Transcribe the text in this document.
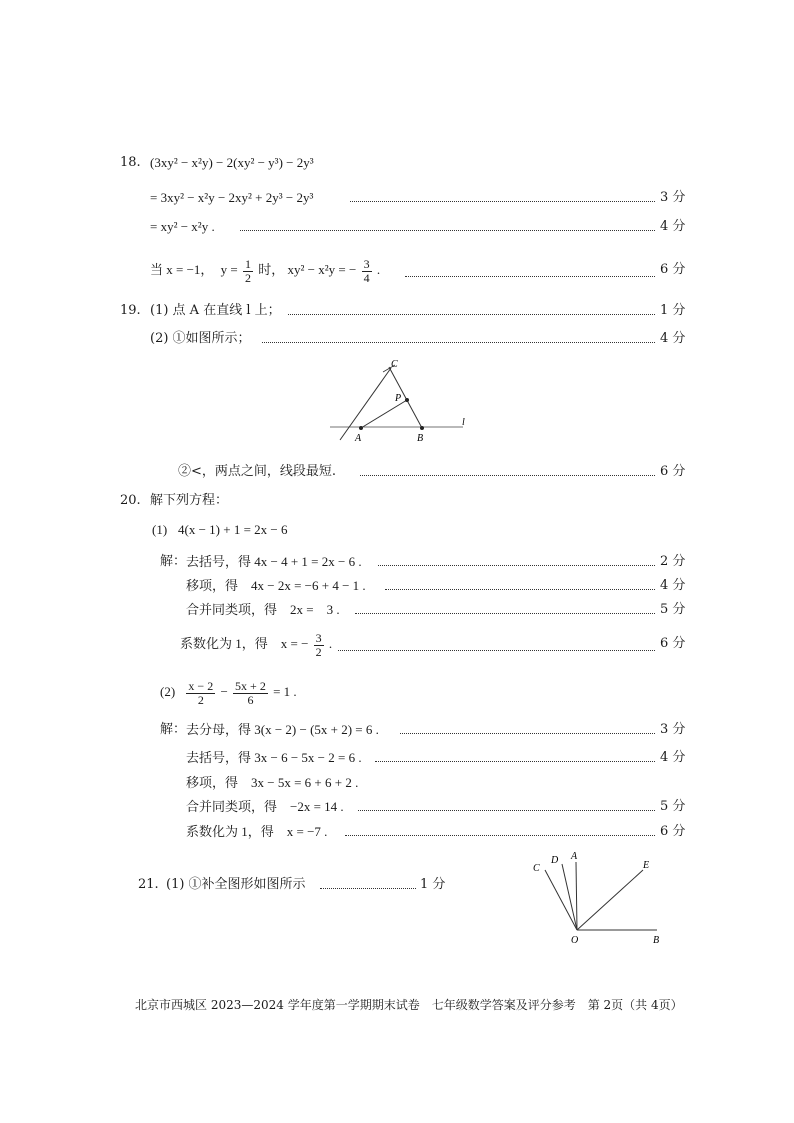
18. (3xy² − x²y) − 2(xy² − y³) − 2y³
= 3xy² − x²y − 2xy² + 2y³ − 2y³	3 分
= xy² − x²y .	4 分
当 x = −1， $y = \frac{1}{2}$ 时， xy² − x²y = − $\frac{3}{4}$ .	6 分
19. (1) 点 A 在直线 l 上；	1 分
(2) ①如图所示；	4 分
C
P
A	B
l
②<，两点之间，线段最短.	6 分
20. 解下列方程：
(1) 4(x − 1) + 1 = 2x − 6
解： 去括号，得 4x − 4 + 1 = 2x − 6 .	2 分
移项，得　4x − 2x = −6 + 4 − 1 .	4 分
合并同类项，得　2x =　3 .	5 分
系数化为 1，得　x = − $\frac{3}{2}$ .	6 分
$(2) \frac{x - 2}{2} - \frac{5x + 2}{6} = 1$ .
解： 去分母，得 3(x − 2) − (5x + 2) = 6 .	3 分
去括号，得 3x − 6 − 5x − 2 = 6 .	4 分
移项，得　3x − 5x = 6 + 6 + 2 .
合并同类项，得　−2x = 14 .	5 分
系数化为 1，得　x = −7 .	6 分
21. (1) ①补全图形如图所示	1 分
C
D A
E
O	B
北京市西城区 2023—2024 学年度第一学期期末试卷　七年级数学答案及评分参考　第 2页（共 4页）
